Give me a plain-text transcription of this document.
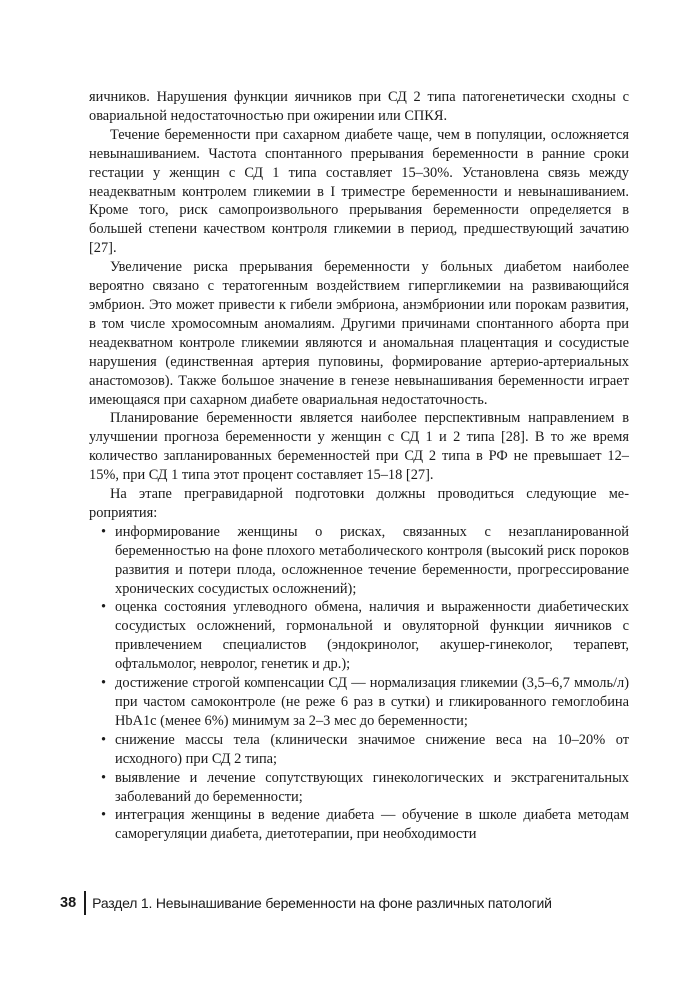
яичников. Нарушения функции яичников при СД 2 типа патогенетически сходны с овариальной недостаточностью при ожирении или СПКЯ.

Течение беременности при сахарном диабете чаще, чем в популяции, осложняется невынашиванием. Частота спонтанного прерывания беременности в ранние сроки гестации у женщин с СД 1 типа составляет 15–30%. Установлена связь между неадекватным контролем гликемии в I триместре беременности и невынашиванием. Кроме того, риск самопроизвольного прерывания беременности определяется в большей степени качеством контроля гликемии в период, предшествующий зачатию [27].

Увеличение риска прерывания беременности у больных диабетом наиболее вероятно связано с тератогенным воздействием гипергликемии на развивающийся эмбрион. Это может привести к гибели эмбриона, анэмбрионии или порокам развития, в том числе хромосомным аномалиям. Другими причинами спонтанного аборта при неадекватном контроле гликемии являются и аномальная плацентация и сосудистые нарушения (единственная артерия пуповины, формирование артерио-артериальных анастомозов). Также большое значение в генезе невынашивания беременности играет имеющаяся при сахарном диабете овариальная недостаточность.

Планирование беременности является наиболее перспективным направлением в улучшении прогноза беременности у женщин с СД 1 и 2 типа [28]. В то же время количество запланированных беременностей при СД 2 типа в РФ не превышает 12–15%, при СД 1 типа этот процент составляет 15–18 [27].

На этапе прегравидарной подготовки должны проводиться следующие мероприятия:

• информирование женщины о рисках, связанных с незапланированной беременностью на фоне плохого метаболического контроля (высокий риск пороков развития и потери плода, осложненное течение беременности, прогрессирование хронических сосудистых осложнений);
• оценка состояния углеводного обмена, наличия и выраженности диабетических сосудистых осложнений, гормональной и овуляторной функции яичников с привлечением специалистов (эндокринолог, акушер-гинеколог, терапевт, офтальмолог, невролог, генетик и др.);
• достижение строгой компенсации СД — нормализация гликемии (3,5–6,7 ммоль/л) при частом самоконтроле (не реже 6 раз в сутки) и гликированного гемоглобина HbA1c (менее 6%) минимум за 2–3 мес до беременности;
• снижение массы тела (клинически значимое снижение веса на 10–20% от исходного) при СД 2 типа;
• выявление и лечение сопутствующих гинекологических и экстрагенитальных заболеваний до беременности;
• интеграция женщины в ведение диабета — обучение в школе диабета методам саморегуляции диабета, диетотерапии, при необходимости
38 Раздел 1. Невынашивание беременности на фоне различных патологий
